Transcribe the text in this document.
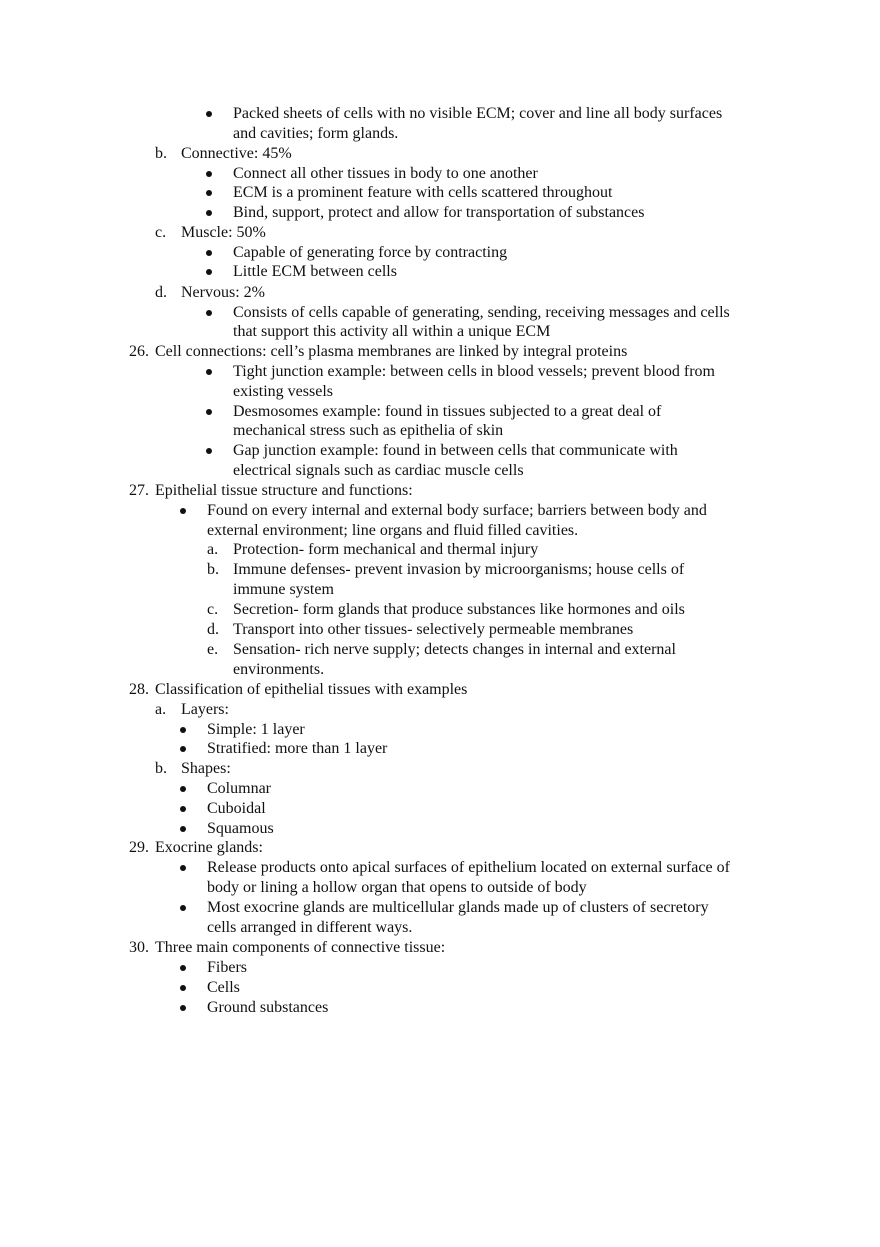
Packed sheets of cells with no visible ECM; cover and line all body surfaces
and cavities; form glands.
b. Connective: 45%
Connect all other tissues in body to one another
ECM is a prominent feature with cells scattered throughout
Bind, support, protect and allow for transportation of substances
c. Muscle: 50%
Capable of generating force by contracting
Little ECM between cells
d. Nervous: 2%
Consists of cells capable of generating, sending, receiving messages and cells
that support this activity all within a unique ECM
26. Cell connections: cell’s plasma membranes are linked by integral proteins
Tight junction example: between cells in blood vessels; prevent blood from
existing vessels
Desmosomes example: found in tissues subjected to a great deal of
mechanical stress such as epithelia of skin
Gap junction example: found in between cells that communicate with
electrical signals such as cardiac muscle cells
27. Epithelial tissue structure and functions:
Found on every internal and external body surface; barriers between body and
external environment; line organs and fluid filled cavities.
a. Protection- form mechanical and thermal injury
b. Immune defenses- prevent invasion by microorganisms; house cells of
immune system
c. Secretion- form glands that produce substances like hormones and oils
d. Transport into other tissues- selectively permeable membranes
e. Sensation- rich nerve supply; detects changes in internal and external
environments.
28. Classification of epithelial tissues with examples
a. Layers:
Simple: 1 layer
Stratified: more than 1 layer
b. Shapes:
Columnar
Cuboidal
Squamous
29. Exocrine glands:
Release products onto apical surfaces of epithelium located on external surface of
body or lining a hollow organ that opens to outside of body
Most exocrine glands are multicellular glands made up of clusters of secretory
cells arranged in different ways.
30. Three main components of connective tissue:
Fibers
Cells
Ground substances
